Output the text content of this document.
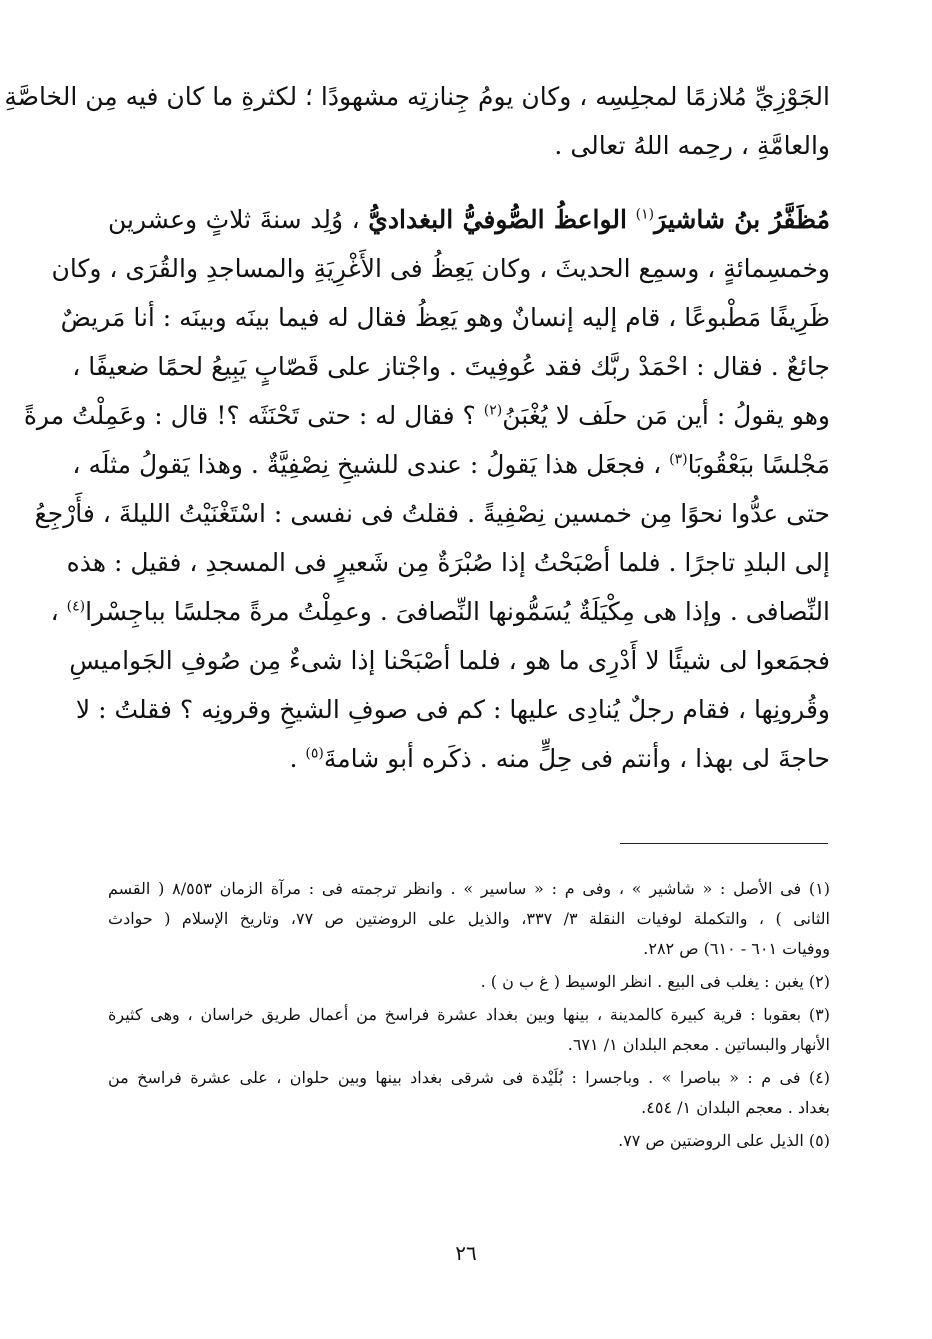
الجَوْزِيِّ مُلازمًا لمجلِسِه ، وكان يومُ جِنازتِه مشهودًا ؛ لكثرةِ ما كان فيه مِن الخاصَّةِ
والعامَّةِ ، رحِمه اللهُ تعالى .
مُظَفَّرُ بنُ شاشيرَ$^{(١)}$ الواعظُ الصُّوفيُّ البغداديُّ ، وُلِد سنةَ ثلاثٍ وعشرين
وخمسِمائةٍ ، وسمِع الحديثَ ، وكان يَعِظُ فى الأَغْرِيَةِ والمساجدِ والقُرَى ، وكان
ظَرِيفًا مَطْبوعًا ، قام إليه إنسانٌ وهو يَعِظُ فقال له فيما بينَه وبينَه : أنا مَريضٌ
جائعٌ . فقال : احْمَدْ ربَّك فقد عُوفِيتَ . واجْتاز على قَصّابٍ يَبِيعُ لحمًا ضعيفًا ،
وهو يقولُ : أين مَن حلَف لا يُغْبَنُ$^{(٢)}$ ؟ فقال له : حتى تَحْنَثَه ؟! قال : وعَمِلْتُ مرةً
مَجْلسًا ببَعْقُوبَا$^{(٣)}$ ، فجعَل هذا يَقولُ : عندى للشيخِ نِصْفِيَّةٌ . وهذا يَقولُ مثلَه ،
حتى عدُّوا نحوًا مِن خمسين نِصْفِيةً . فقلتُ فى نفسى : اسْتَغْنَيْتُ الليلةَ ، فأَرْجِعُ
إلى البلدِ تاجرًا . فلما أصْبَحْتُ إذا صُبْرَةٌ مِن شَعيرٍ فى المسجدِ ، فقيل : هذه
النِّصافى . وإذا هى مِكْيَلَةٌ يُسَمُّونها النِّصافىَ . وعمِلْتُ مرةً مجلسًا بباجِسْرا$^{(٤)}$ ،
فجمَعوا لى شيئًا لا أَدْرِى ما هو ، فلما أصْبَحْنا إذا شىءٌ مِن صُوفِ الجَواميسِ
وقُرونِها ، فقام رجلٌ يُنادِى عليها : كم فى صوفِ الشيخِ وقرونِه ؟ فقلتُ : لا
حاجةَ لى بهذا ، وأنتم فى حِلٍّ منه . ذكَره أبو شامةَ$^{(٥)}$ .
(١) فى الأصل : « شاشير » ، وفى م : « ساسير » . وانظر ترجمته فى : مرآة الزمان ٨/٥٥٣ ( القسم
الثانى ) ، والتكملة لوفيات النقلة ٣/ ٣٣٧، والذيل على الروضتين ص ٧٧، وتاريخ الإسلام ( حوادث
ووفيات ٦٠١ - ٦١٠) ص ٢٨٢.
(٢) يغبن : يغلب فى البيع . انظر الوسيط ( غ ب ن ) .
(٣) بعقوبا : قرية كبيرة كالمدينة ، بينها وبين بغداد عشرة فراسخ من أعمال طريق خراسان ، وهى كثيرة
الأنهار والبساتين . معجم البلدان ١/ ٦٧١.
(٤) فى م : « بباصرا » . وباجسرا : بُلَيْدة فى شرقى بغداد بينها وبين حلوان ، على عشرة فراسخ من
بغداد . معجم البلدان ١/ ٤٥٤.
(٥) الذيل على الروضتين ص ٧٧.
٢٦
